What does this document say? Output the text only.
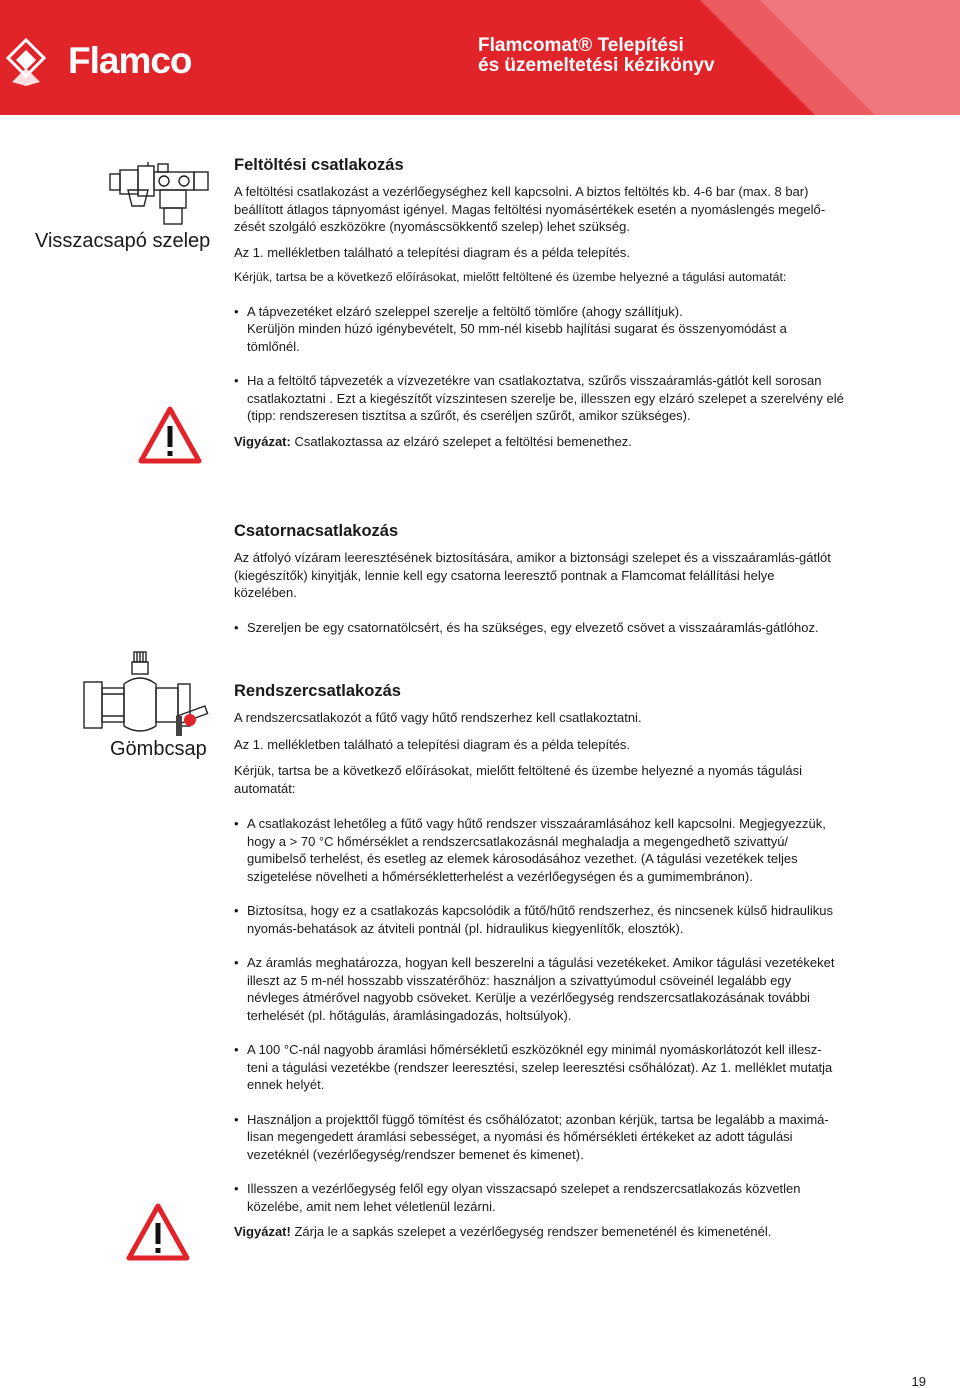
Flamco	Flamcomat® Telepítési
és üzemeltetési kézikönyv
Visszacsapó szelep
Feltöltési csatlakozás
A feltöltési csatlakozást a vezérlőegységhez kell kapcsolni. A biztos feltöltés kb. 4-6 bar (max. 8 bar)
beállított átlagos tápnyomást igényel. Magas feltöltési nyomásértékek esetén a nyomáslengés megelő-
zését szolgáló eszközökre (nyomáscsökkentő szelep) lehet szükség.
Az 1. mellékletben található a telepítési diagram és a példa telepítés.
Kérjük, tartsa be a következő előírásokat, mielőtt feltöltené és üzembe helyezné a tágulási automatát:
• A tápvezetéket elzáró szeleppel szerelje a feltöltő tömlőre (ahogy szállítjuk).
Kerüljön minden húzó igénybevételt, 50 mm-nél kisebb hajlítási sugarat és összenyomódást a
tömlőnél.
• Ha a feltöltő tápvezeték a vízvezetékre van csatlakoztatva, szűrős visszaáramlás-gátlót kell sorosan
csatlakoztatni . Ezt a kiegészítőt vízszintesen szerelje be, illesszen egy elzáró szelepet a szerelvény elé
(tipp: rendszeresen tisztítsa a szűrőt, és cseréljen szűrőt, amikor szükséges).
Vigyázat: Csatlakoztassa az elzáró szelepet a feltöltési bemenethez.
Csatornacsatlakozás
Az átfolyó vízáram leeresztésének biztosítására, amikor a biztonsági szelepet és a visszaáramlás-gátlót
(kiegészítők) kinyitják, lennie kell egy csatorna leeresztő pontnak a Flamcomat felállítási helye
közelében.
• Szereljen be egy csatornatölcsért, és ha szükséges, egy elvezető csövet a visszaáramlás-gátlóhoz.
Gömbcsap
Rendszercsatlakozás
A rendszercsatlakozót a fűtő vagy hűtő rendszerhez kell csatlakoztatni.
Az 1. mellékletben található a telepítési diagram és a példa telepítés.
Kérjük, tartsa be a következő előírásokat, mielőtt feltöltené és üzembe helyezné a nyomás tágulási
automatát:
• A csatlakozást lehetőleg a fűtő vagy hűtő rendszer visszaáramlásához kell kapcsolni. Megjegyezzük,
hogy a > 70 °C hőmérséklet a rendszercsatlakozásnál meghaladja a megengedhetõ szivattyú/
gumibelső terhelést, és esetleg az elemek károsodásához vezethet. (A tágulási vezetékek teljes
szigetelése növelheti a hőmérsékletterhelést a vezérlőegységen és a gumimembránon).
• Biztosítsa, hogy ez a csatlakozás kapcsolódik a fűtő/hűtő rendszerhez, és nincsenek külső hidraulikus
nyomás-behatások az átviteli pontnál (pl. hidraulikus kiegyenlítők, elosztók).
• Az áramlás meghatározza, hogyan kell beszerelni a tágulási vezetékeket. Amikor tágulási vezetékeket
illeszt az 5 m-nél hosszabb visszatérőhöz: használjon a szivattyúmodul csöveinél legalább egy
névleges átmérővel nagyobb csöveket. Kerülje a vezérlőegység rendszercsatlakozásának további
terhelését (pl. hőtágulás, áramlásingadozás, holtsúlyok).
• A 100 °C-nál nagyobb áramlási hőmérsékletű eszközöknél egy minimál nyomáskorlátozót kell illesz-
teni a tágulási vezetékbe (rendszer leeresztési, szelep leeresztési csőhálózat). Az 1. melléklet mutatja
ennek helyét.
• Használjon a projekttől függő tömítést és csőhálózatot; azonban kérjük, tartsa be legalább a maximá-
lisan megengedett áramlási sebességet, a nyomási és hőmérsékleti értékeket az adott tágulási
vezetéknél (vezérlőegység/rendszer bemenet és kimenet).
• Illesszen a vezérlőegység felől egy olyan visszacsapó szelepet a rendszercsatlakozás közvetlen
közelébe, amit nem lehet véletlenül lezárni.
Vigyázat! Zárja le a sapkás szelepet a vezérlőegység rendszer bemeneténél és kimeneténél.
19
